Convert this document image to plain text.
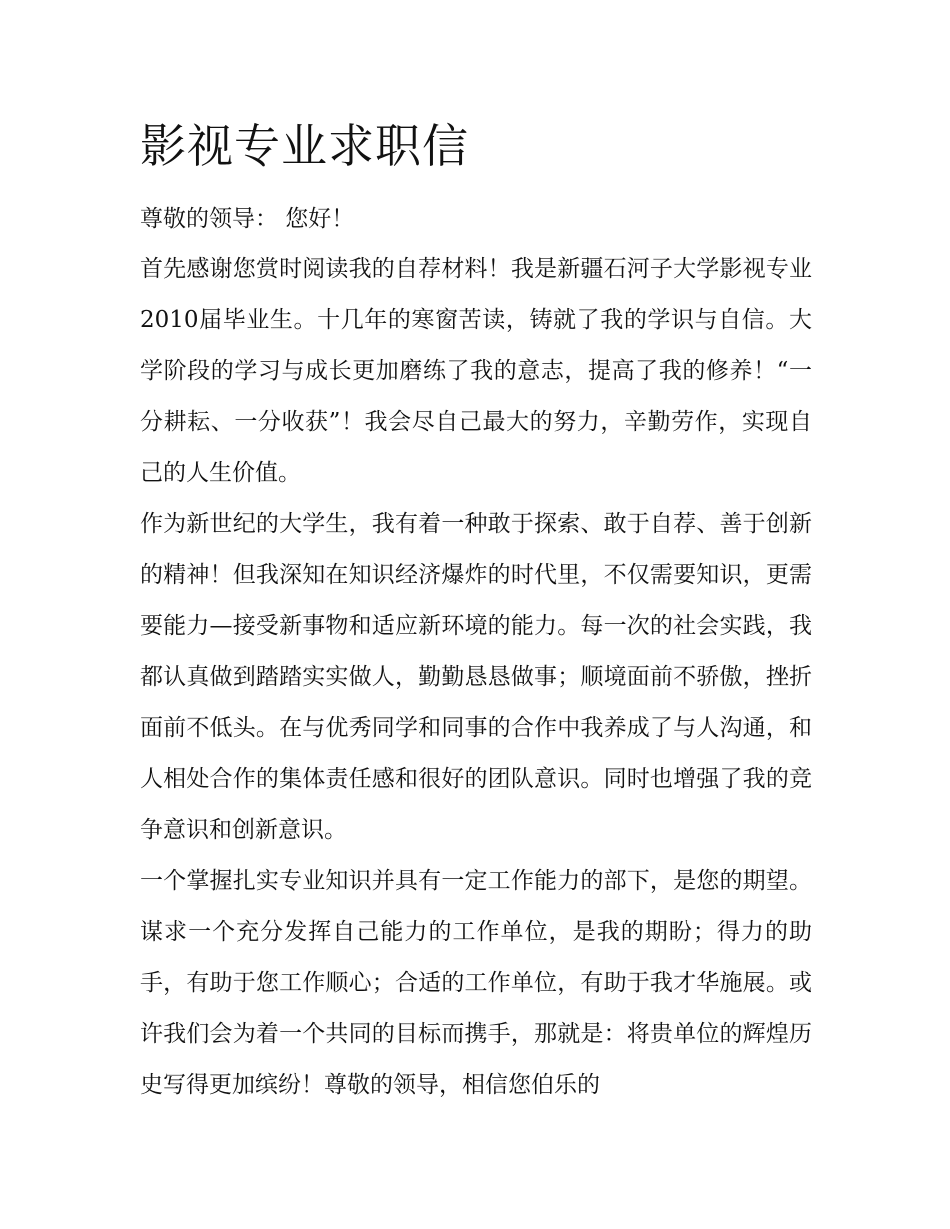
影视专业求职信

尊敬的领导： 您好！

首先感谢您赏时阅读我的自荐材料！我是新疆石河子大学影视专业2010届毕业生。十几年的寒窗苦读，铸就了我的学识与自信。大学阶段的学习与成长更加磨练了我的意志，提高了我的修养！“一分耕耘、一分收获”！我会尽自己最大的努力，辛勤劳作，实现自己的人生价值。

作为新世纪的大学生，我有着一种敢于探索、敢于自荐、善于创新的精神！但我深知在知识经济爆炸的时代里，不仅需要知识，更需要能力—接受新事物和适应新环境的能力。每一次的社会实践，我都认真做到踏踏实实做人，勤勤恳恳做事；顺境面前不骄傲，挫折面前不低头。在与优秀同学和同事的合作中我养成了与人沟通，和人相处合作的集体责任感和很好的团队意识。同时也增强了我的竞争意识和创新意识。

一个掌握扎实专业知识并具有一定工作能力的部下，是您的期望。谋求一个充分发挥自己能力的工作单位，是我的期盼；得力的助手，有助于您工作顺心；合适的工作单位，有助于我才华施展。或许我们会为着一个共同的目标而携手，那就是：将贵单位的辉煌历史写得更加缤纷！尊敬的领导，相信您伯乐的
